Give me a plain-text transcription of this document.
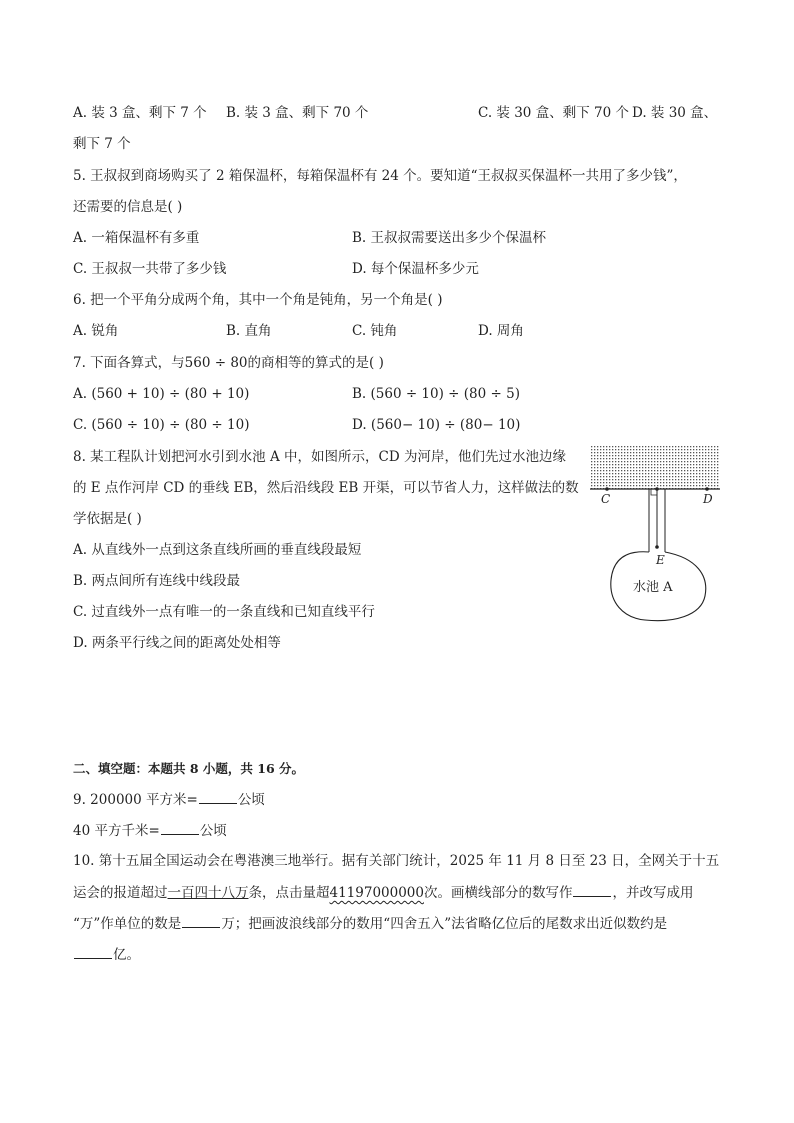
A. 装 3 盒、剩下 7 个 B. 装 3 盒、剩下 70 个	C. 装 30 盒、剩下 70 个 D. 装 30 盒、
剩下 7 个
5. 王叔叔到商场购买了 2 箱保温杯，每箱保温杯有 24 个。要知道“王叔叔买保温杯一共用了多少钱”，
还需要的信息是( )
A. 一箱保温杯有多重	B. 王叔叔需要送出多少个保温杯
C. 王叔叔一共带了多少钱	D. 每个保温杯多少元
6. 把一个平角分成两个角，其中一个角是钝角，另一个角是( )
A. 锐角	B. 直角	C. 钝角	D. 周角
7. 下面各算式，与560 ÷ 80的商相等的算式的是( )
A. (560 + 10) ÷ (80 + 10)	B. (560 ÷ 10) ÷ (80 ÷ 5)
C. (560 ÷ 10) ÷ (80 ÷ 10)	D. (560− 10) ÷ (80− 10)
8. 某工程队计划把河水引到水池 A 中，如图所示，CD 为河岸，他们先过水池边缘
的 E 点作河岸 CD 的垂线 EB，然后沿线段 EB 开渠，可以节省人力，这样做法的数
学依据是( )
A. 从直线外一点到这条直线所画的垂直线段最短
B. 两点间所有连线中线段最
C. 过直线外一点有唯一的一条直线和已知直线平行
D. 两条平行线之间的距离处处相等
C	D
E
水池 A
二、填空题：本题共 8 小题，共 16 分。
9. 200000 平方米=	公顷
40 平方千米=	公顷
10. 第十五届全国运动会在粤港澳三地举行。据有关部门统计，2025 年 11 月 8 日至 23 日，全网关于十五
运会的报道超过一百四十八万条，点击量超41197000000次。画横线部分的数写作	，并改写成用
“万”作单位的数是	万；把画波浪线部分的数用“四舍五入”法省略亿位后的尾数求出近似数约是
亿。
